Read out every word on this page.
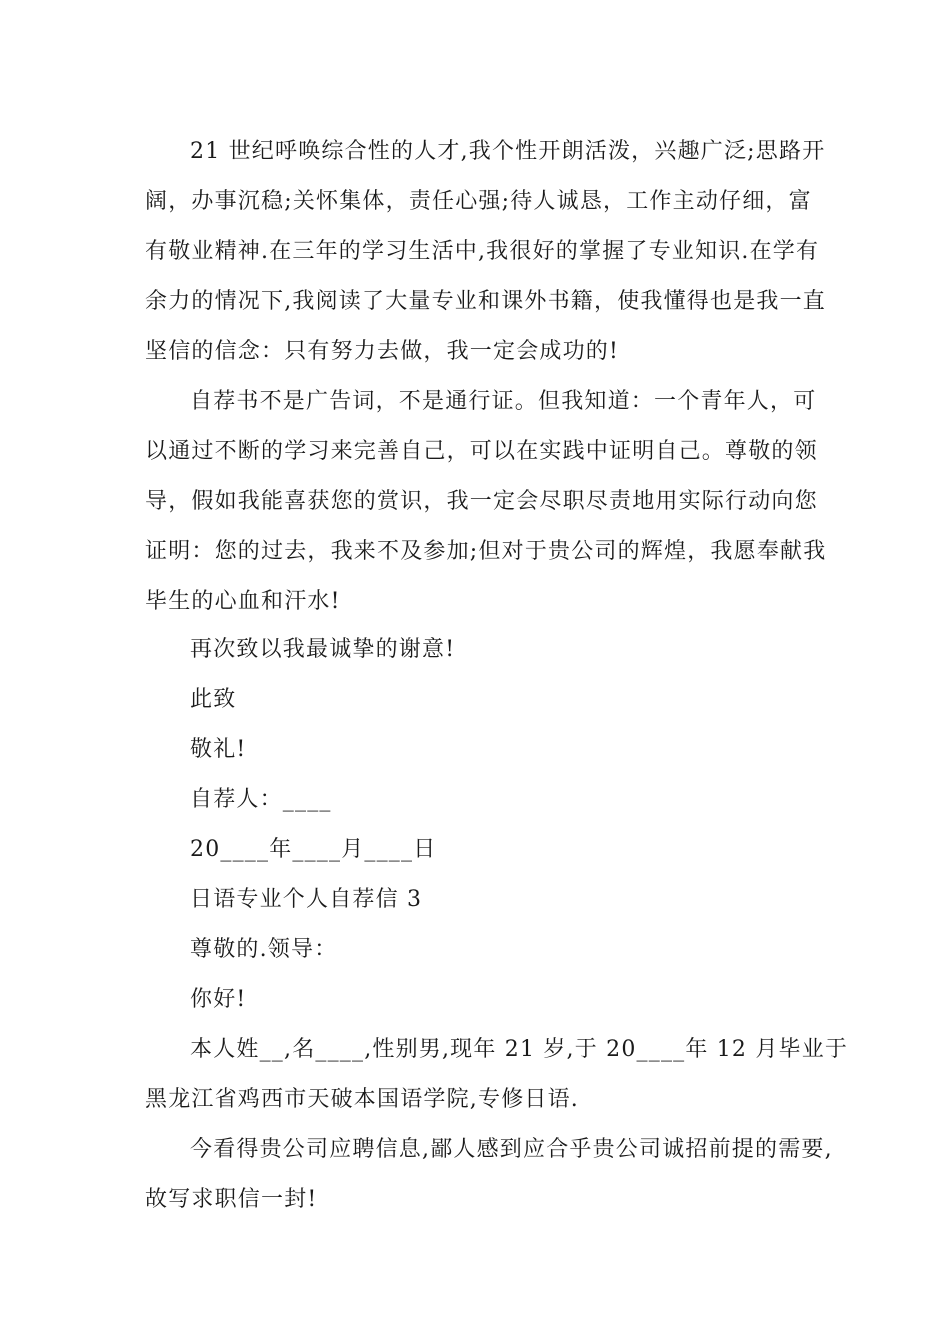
21 世纪呼唤综合性的人才,我个性开朗活泼，兴趣广泛;思路开

阔，办事沉稳;关怀集体，责任心强;待人诚恳，工作主动仔细，富

有敬业精神.在三年的学习生活中,我很好的掌握了专业知识.在学有

余力的情况下,我阅读了大量专业和课外书籍，使我懂得也是我一直

坚信的信念：只有努力去做，我一定会成功的!

自荐书不是广告词，不是通行证。但我知道：一个青年人，可

以通过不断的学习来完善自己，可以在实践中证明自己。尊敬的领

导，假如我能喜获您的赏识，我一定会尽职尽责地用实际行动向您

证明：您的过去，我来不及参加;但对于贵公司的辉煌，我愿奉献我

毕生的心血和汗水!

再次致以我最诚挚的谢意!

此致

敬礼!

自荐人：____

20____年____月____日

日语专业个人自荐信 3

尊敬的.领导：

你好!

本人姓__,名____,性别男,现年 21 岁,于 20____年 12 月毕业于

黑龙江省鸡西市天破本国语学院,专修日语.

今看得贵公司应聘信息,鄙人感到应合乎贵公司诚招前提的需要,

故写求职信一封!
